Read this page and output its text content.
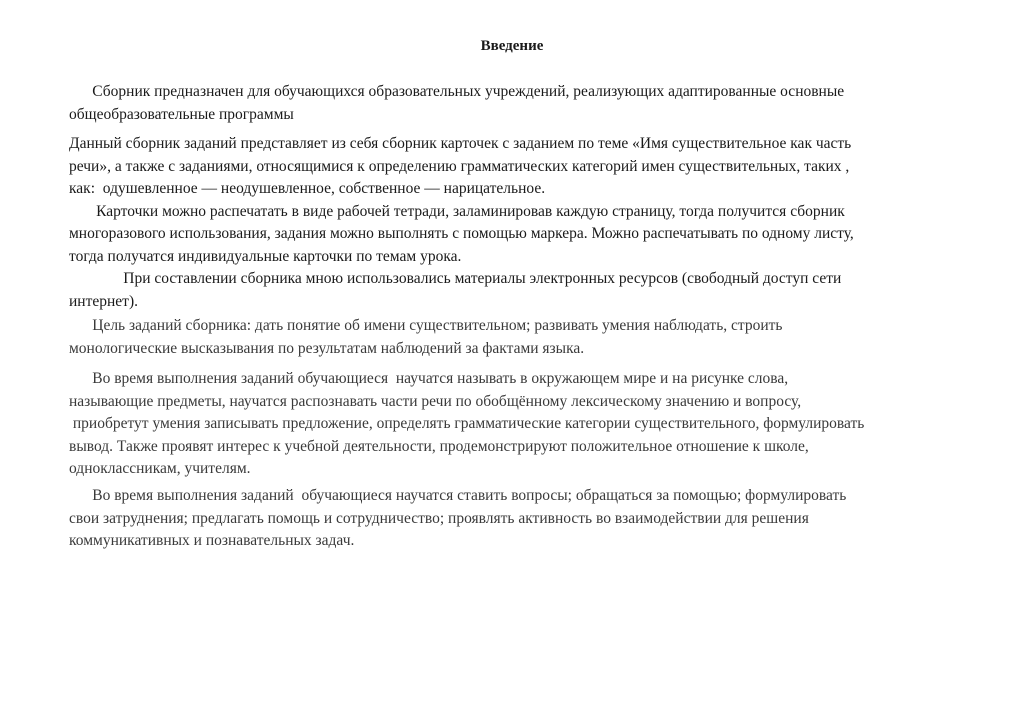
Введение

Сборник предназначен для обучающихся образовательных учреждений, реализующих адаптированные основные
общеобразовательные программы

Данный сборник заданий представляет из себя сборник карточек с заданием по теме «Имя существительное как часть
речи», а также с заданиями, относящимися к определению грамматических категорий имен существительных, таких ,
как:  одушевленное — неодушевленное, собственное — нарицательное.
Карточки можно распечатать в виде рабочей тетради, заламинировав каждую страницу, тогда получится сборник
многоразового использования, задания можно выполнять с помощью маркера. Можно распечатывать по одному листу,
тогда получатся индивидуальные карточки по темам урока.
При составлении сборника мною использовались материалы электронных ресурсов (свободный доступ сети
интернет).

Цель заданий сборника: дать понятие об имени существительном; развивать умения наблюдать, строить
монологические высказывания по результатам наблюдений за фактами языка.

Во время выполнения заданий обучающиеся  научатся называть в окружающем мире и на рисунке слова,
называющие предметы, научатся распознавать части речи по обобщённому лексическому значению и вопросу,
приобретут умения записывать предложение, определять грамматические категории существительного, формулировать
вывод. Также проявят интерес к учебной деятельности, продемонстрируют положительное отношение к школе,
одноклассникам, учителям.

Во время выполнения заданий  обучающиеся научатся ставить вопросы; обращаться за помощью; формулировать
свои затруднения; предлагать помощь и сотрудничество; проявлять активность во взаимодействии для решения
коммуникативных и познавательных задач.
